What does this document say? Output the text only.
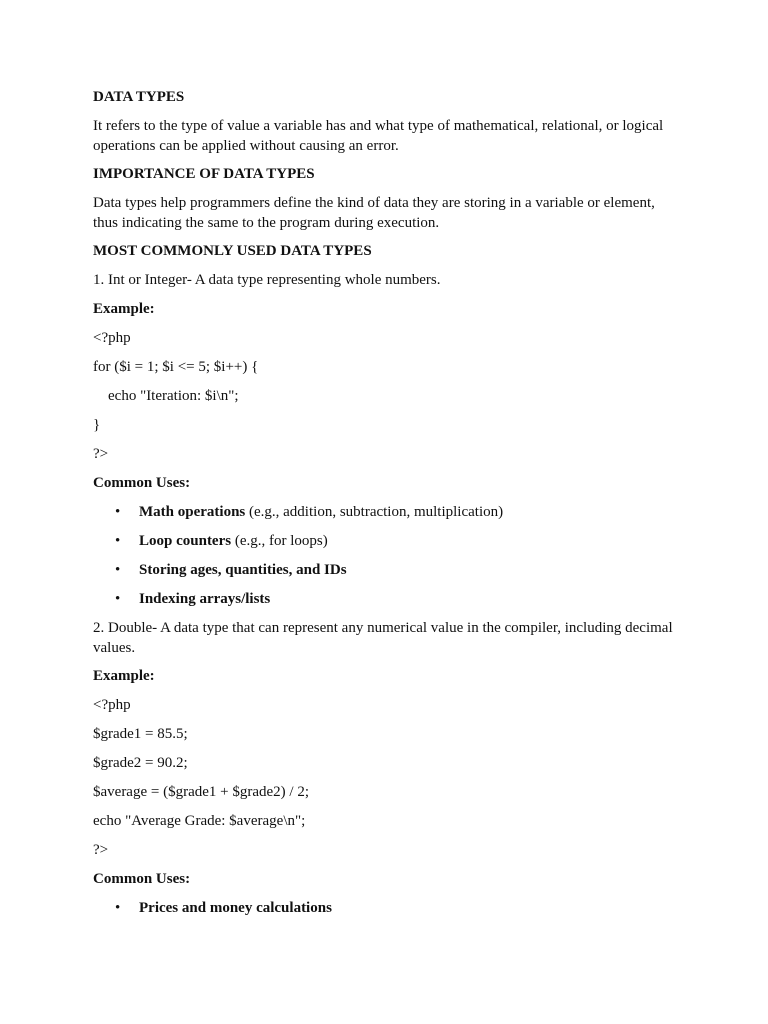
DATA TYPES

It refers to the type of value a variable has and what type of mathematical, relational, or logical operations can be applied without causing an error.

IMPORTANCE OF DATA TYPES

Data types help programmers define the kind of data they are storing in a variable or element, thus indicating the same to the program during execution.

MOST COMMONLY USED DATA TYPES

1. Int or Integer- A data type representing whole numbers.

Example:

<?php

for ($i = 1; $i <= 5; $i++) {

echo "Iteration: $i\n";

}

?>

Common Uses:

• Math operations (e.g., addition, subtraction, multiplication)
• Loop counters (e.g., for loops)
• Storing ages, quantities, and IDs
• Indexing arrays/lists

2. Double- A data type that can represent any numerical value in the compiler, including decimal values.

Example:

<?php

$grade1 = 85.5;

$grade2 = 90.2;

$average = ($grade1 + $grade2) / 2;

echo "Average Grade: $average\n";

?>

Common Uses:

• Prices and money calculations
